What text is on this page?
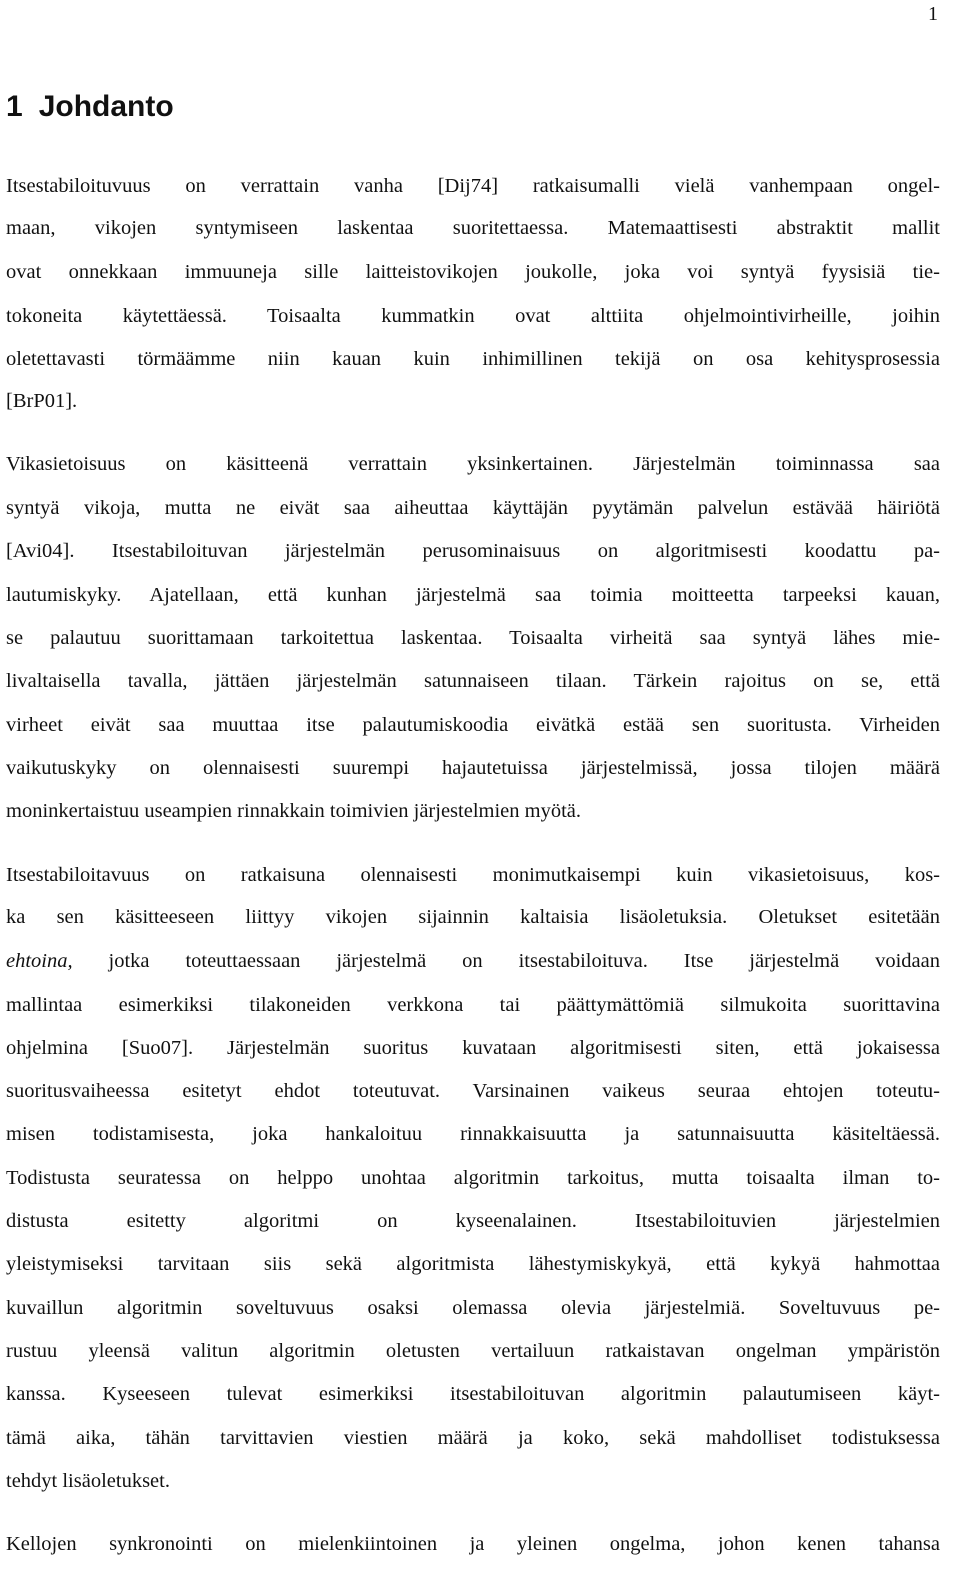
1
1 Johdanto
Itsestabiloituvuus on verrattain vanha [Dij74] ratkaisumalli vielä vanhempaan ongel-
maan, vikojen syntymiseen laskentaa suoritettaessa. Matemaattisesti abstraktit mallit
ovat onnekkaan immuuneja sille laitteistovikojen joukolle, joka voi syntyä fyysisiä tie-
tokoneita käytettäessä. Toisaalta kummatkin ovat alttiita ohjelmointivirheille, joihin
oletettavasti törmäämme niin kauan kuin inhimillinen tekijä on osa kehitysprosessia
[BrP01].
Vikasietoisuus on käsitteenä verrattain yksinkertainen. Järjestelmän toiminnassa saa
syntyä vikoja, mutta ne eivät saa aiheuttaa käyttäjän pyytämän palvelun estävää häiriötä
[Avi04]. Itsestabiloituvan järjestelmän perusominaisuus on algoritmisesti koodattu pa-
lautumiskyky. Ajatellaan, että kunhan järjestelmä saa toimia moitteetta tarpeeksi kauan,
se palautuu suorittamaan tarkoitettua laskentaa. Toisaalta virheitä saa syntyä lähes mie-
livaltaisella tavalla, jättäen järjestelmän satunnaiseen tilaan. Tärkein rajoitus on se, että
virheet eivät saa muuttaa itse palautumiskoodia eivätkä estää sen suoritusta. Virheiden
vaikutuskyky on olennaisesti suurempi hajautetuissa järjestelmissä, jossa tilojen määrä
moninkertaistuu useampien rinnakkain toimivien järjestelmien myötä.
Itsestabiloitavuus on ratkaisuna olennaisesti monimutkaisempi kuin vikasietoisuus, kos-
ka sen käsitteeseen liittyy vikojen sijainnin kaltaisia lisäoletuksia. Oletukset esitetään
ehtoina, jotka toteuttaessaan järjestelmä on itsestabiloituva. Itse järjestelmä voidaan
mallintaa esimerkiksi tilakoneiden verkkona tai päättymättömiä silmukoita suorittavina
ohjelmina [Suo07]. Järjestelmän suoritus kuvataan algoritmisesti siten, että jokaisessa
suoritusvaiheessa esitetyt ehdot toteutuvat. Varsinainen vaikeus seuraa ehtojen toteutu-
misen todistamisesta, joka hankaloituu rinnakkaisuutta ja satunnaisuutta käsiteltäessä.
Todistusta seuratessa on helppo unohtaa algoritmin tarkoitus, mutta toisaalta ilman to-
distusta esitetty algoritmi on kyseenalainen. Itsestabiloituvien järjestelmien
yleistymiseksi tarvitaan siis sekä algoritmista lähestymiskykyä, että kykyä hahmottaa
kuvaillun algoritmin soveltuvuus osaksi olemassa olevia järjestelmiä. Soveltuvuus pe-
rustuu yleensä valitun algoritmin oletusten vertailuun ratkaistavan ongelman ympäristön
kanssa. Kyseeseen tulevat esimerkiksi itsestabiloituvan algoritmin palautumiseen käyt-
tämä aika, tähän tarvittavien viestien määrä ja koko, sekä mahdolliset todistuksessa
tehdyt lisäoletukset.
Kellojen synkronointi on mielenkiintoinen ja yleinen ongelma, johon kenen tahansa
